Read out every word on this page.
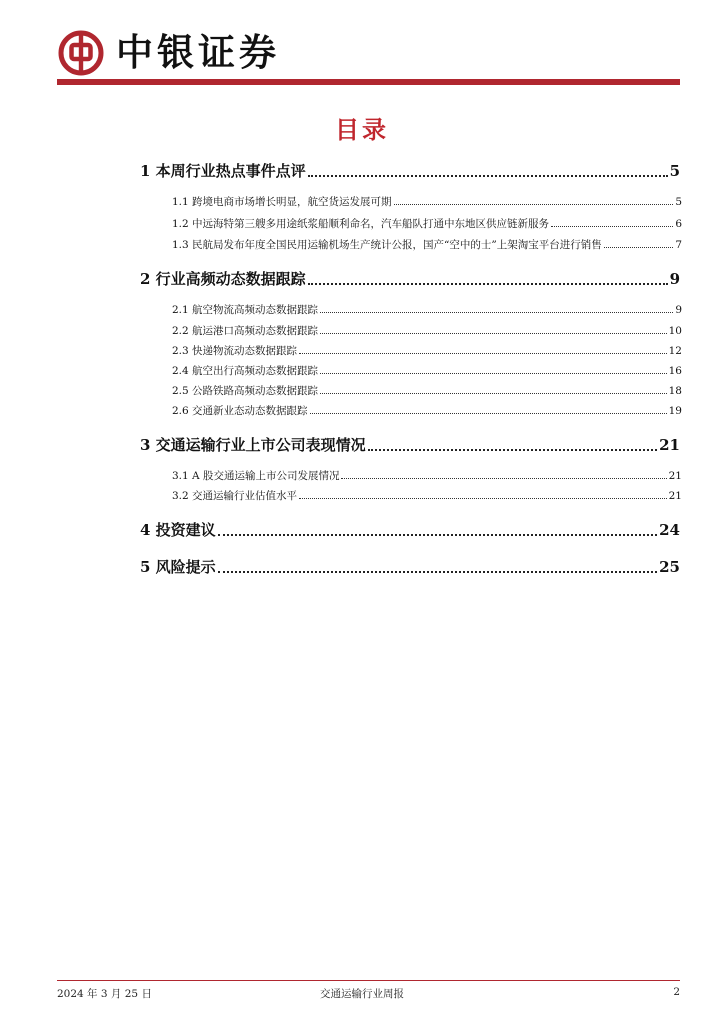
中银证券
目录
1 本周行业热点事件点评	5
1.1 跨境电商市场增长明显，航空货运发展可期	5
1.2 中远海特第三艘多用途纸浆船顺利命名，汽车船队打通中东地区供应链新服务	6
1.3 民航局发布年度全国民用运输机场生产统计公报，国产“空中的士”上架淘宝平台进行销售	7
2 行业高频动态数据跟踪	9
2.1 航空物流高频动态数据跟踪	9
2.2 航运港口高频动态数据跟踪	10
2.3 快递物流动态数据跟踪	12
2.4 航空出行高频动态数据跟踪	16
2.5 公路铁路高频动态数据跟踪	18
2.6 交通新业态动态数据跟踪	19
3 交通运输行业上市公司表现情况	21
3.1 A 股交通运输上市公司发展情况	21
3.2 交通运输行业估值水平	21
4 投资建议	24
5 风险提示	25
2024 年 3 月 25 日	交通运输行业周报	2
